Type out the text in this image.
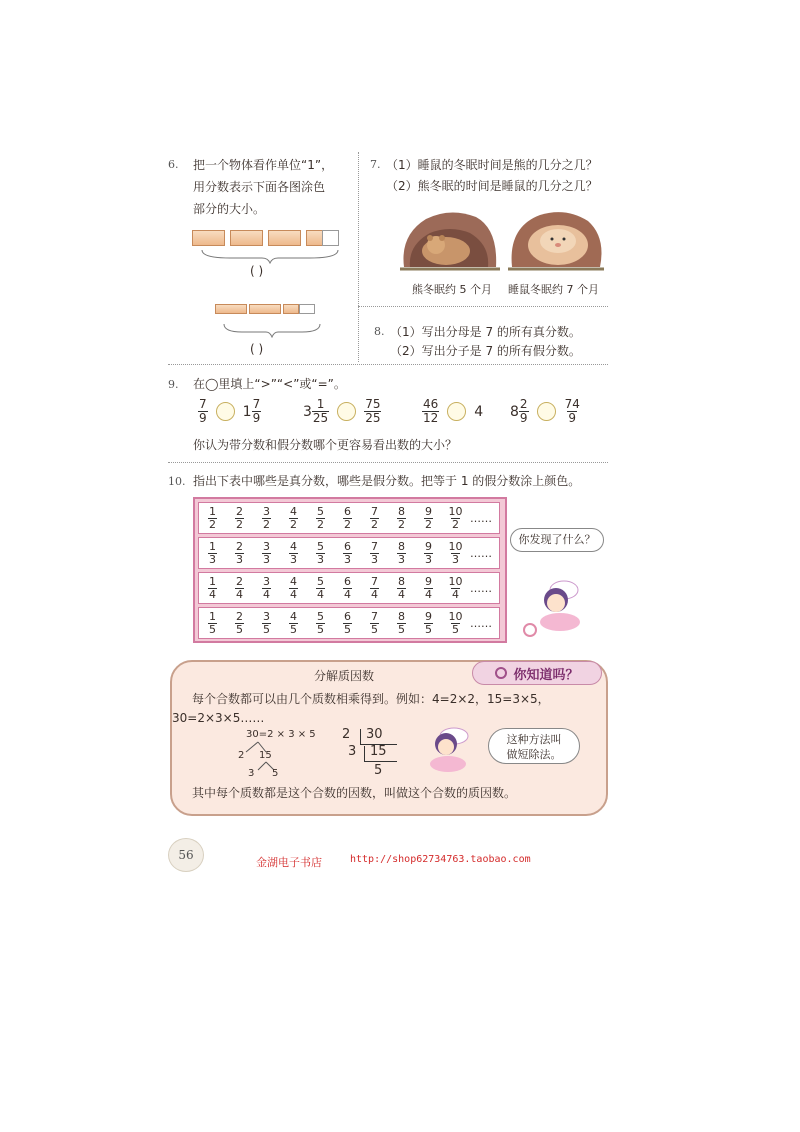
6. 把一个物体看作单位“1”，
用分数表示下面各图涂色
部分的大小。
( )
( )
7. （1）睡鼠的冬眠时间是熊的几分之几？
（2）熊冬眠的时间是睡鼠的几分之几？
熊冬眠约 5 个月 睡鼠冬眠约 7 个月
8. （1）写出分母是 7 的所有真分数。
（2）写出分子是 7 的所有假分数。
9. 在◯里填上“>”“<”或“=”。
$\frac{7}{9}$	$1 \frac{7}{9}$	$3 \frac{1}{25}$	$\frac{75}{25}$	$\frac{46}{12}$	4 $8 \frac{2}{9}$	$\frac{74}{9}$
你认为带分数和假分数哪个更容易看出数的大小？
10. 指出下表中哪些是真分数，哪些是假分数。把等于 1 的假分数涂上颜色。
$\frac{1}{2} \frac{2}{2} \frac{3}{2} \frac{4}{2} \frac{5}{2} \frac{6}{2} \frac{7}{2} \frac{8}{2} \frac{9}{2} \frac{10}{2}$ ……
$\frac{1}{3} \frac{2}{3} \frac{3}{3} \frac{4}{3} \frac{5}{3} \frac{6}{3} \frac{7}{3} \frac{8}{3} \frac{9}{3} \frac{10}{3}$ ……
$\frac{1}{4} \frac{2}{4} \frac{3}{4} \frac{4}{4} \frac{5}{4} \frac{6}{4} \frac{7}{4} \frac{8}{4} \frac{9}{4} \frac{10}{4}$ ……
$\frac{1}{5} \frac{2}{5} \frac{3}{5} \frac{4}{5} \frac{5}{5} \frac{6}{5} \frac{7}{5} \frac{8}{5} \frac{9}{5} \frac{10}{5}$ ……
你发现了什么？
你知道吗？
分解质因数
每个合数都可以由几个质数相乘得到。例如：4=2×2，15=3×5，
30=2×3×5……
30=2 × 3 × 5
2 15
3 5
2 30
3 15
5
这种方法叫
做短除法。
其中每个质数都是这个合数的因数，叫做这个合数的质因数。
56
金湖电子书店	http://shop62734763.taobao.com
